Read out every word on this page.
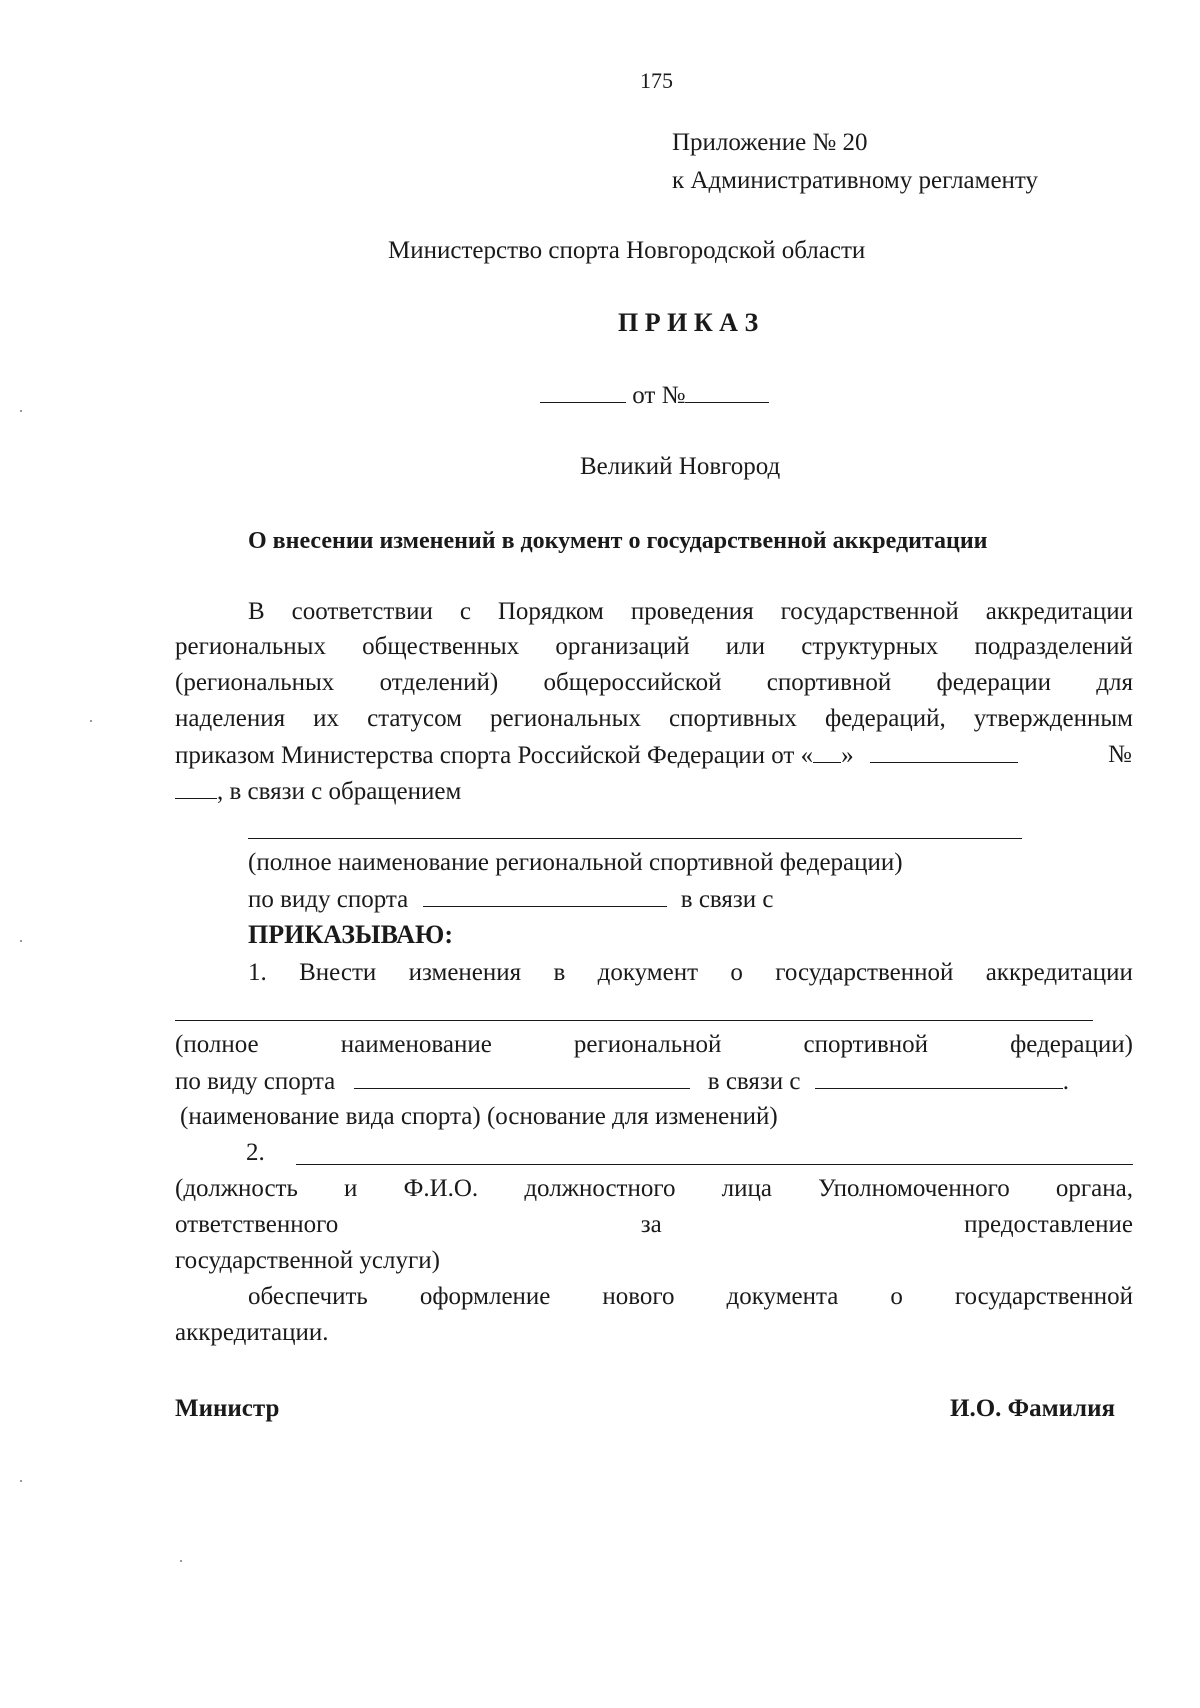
175
Приложение № 20
к Административному регламенту
Министерство спорта Новгородской области
П Р И К А З
от №
Великий Новгород
О внесении изменений в документ о государственной аккредитации
В соответствии с Порядком проведения государственной аккредитации
региональных общественных организаций или структурных подразделений
(региональных отделений) общероссийской спортивной федерации для
наделения их статусом региональных спортивных федераций, утвержденным
приказом Министерства спорта Российской Федерации от « »	№
, в связи с обращением
(полное наименование региональной спортивной федерации)
по виду спорта	в связи с
ПРИКАЗЫВАЮ:
1. Внести изменения в документ о государственной аккредитации
(полное	наименование	региональной	спортивной	федерации)
по виду спорта	в связи с	.
(наименование вида спорта) (основание для изменений)
2.
(должность и Ф.И.О. должностного лица Уполномоченного органа,
ответственного	за	предоставление
государственной услуги)
обеспечить оформление нового документа о государственной
аккредитации.
Министр	И.О. Фамилия
